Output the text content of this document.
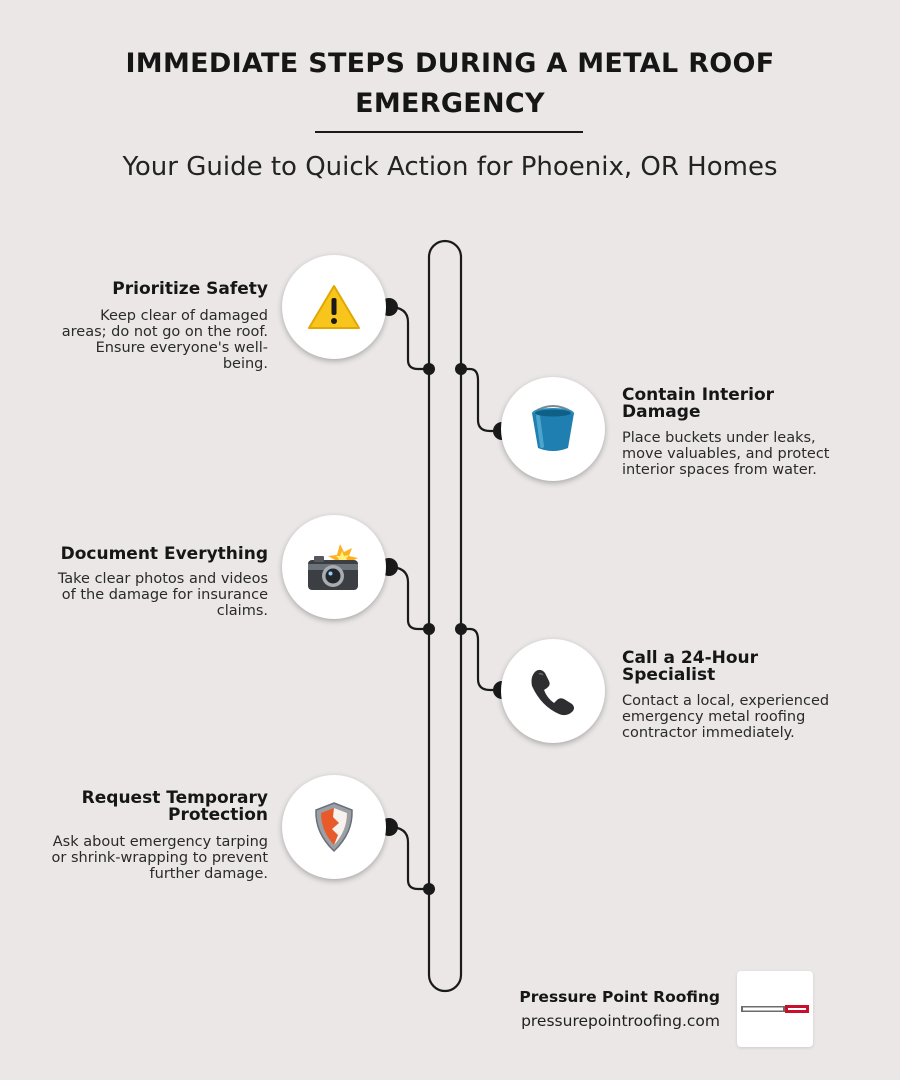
IMMEDIATE STEPS DURING A METAL ROOF
EMERGENCY
Your Guide to Quick Action for Phoenix, OR Homes
Prioritize Safety
Keep clear of damaged areas; do not go on the roof. Ensure everyone's well-being.
Contain Interior Damage
Place buckets under leaks, move valuables, and protect interior spaces from water.
Document Everything
Take clear photos and videos of the damage for insurance claims.
Call a 24-Hour Specialist
Contact a local, experienced emergency metal roofing contractor immediately.
Request Temporary Protection
Ask about emergency tarping or shrink-wrapping to prevent further damage.
Pressure Point Roofing
pressurepointroofing.com
